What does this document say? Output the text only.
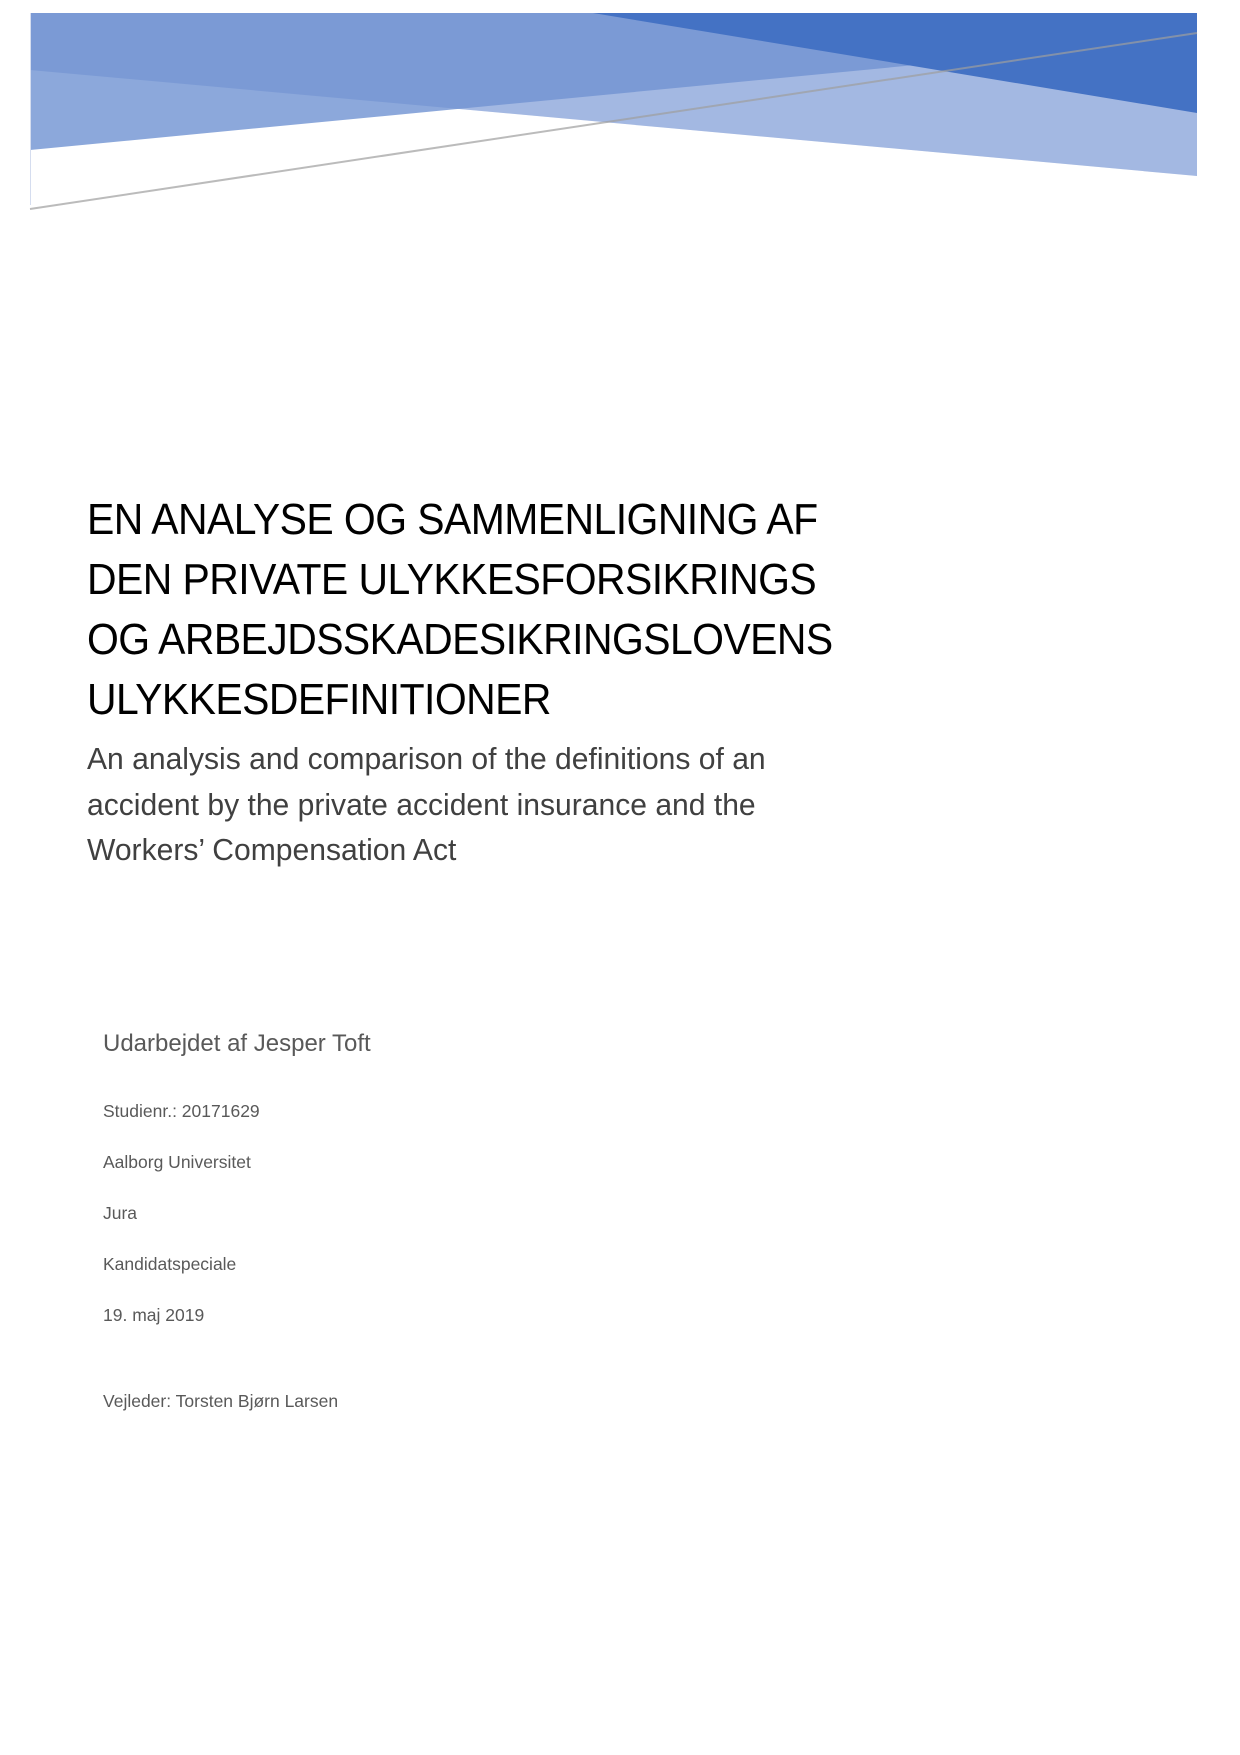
EN ANALYSE OG SAMMENLIGNING AF
DEN PRIVATE ULYKKESFORSIKRINGS
OG ARBEJDSSKADESIKRINGSLOVENS
ULYKKESDEFINITIONER
An analysis and comparison of the definitions of an
accident by the private accident insurance and the
Workers’ Compensation Act
Udarbejdet af Jesper Toft
Studienr.: 20171629
Aalborg Universitet
Jura
Kandidatspeciale
19. maj 2019
Vejleder: Torsten Bjørn Larsen
